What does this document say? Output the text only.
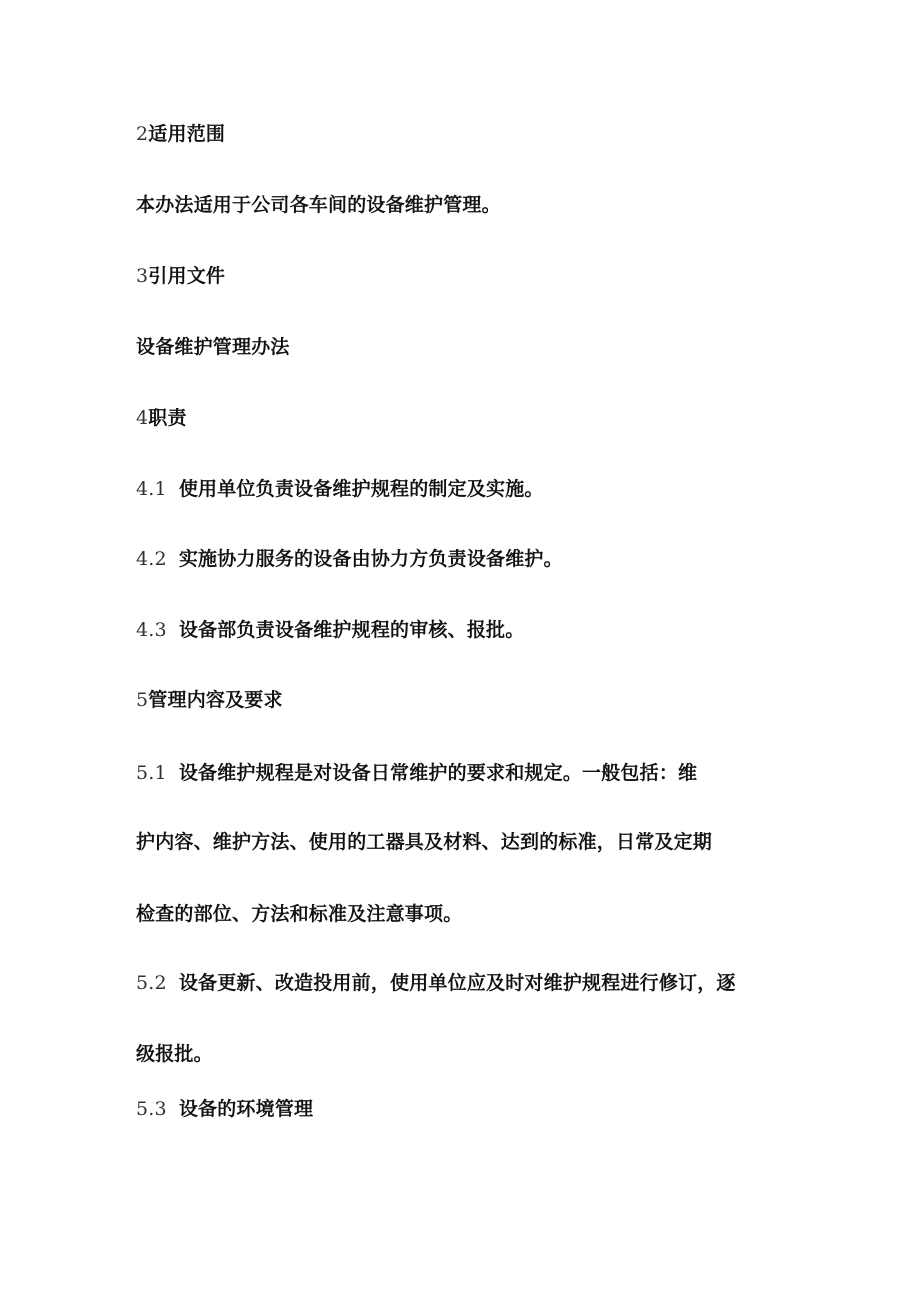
2适用范围
本办法适用于公司各车间的设备维护管理。
3引用文件
设备维护管理办法
4职责
4.1 使用单位负责设备维护规程的制定及实施。
4.2 实施协力服务的设备由协力方负责设备维护。
4.3 设备部负责设备维护规程的审核、报批。
5管理内容及要求
5.1 设备维护规程是对设备日常维护的要求和规定。一般包括：维
护内容、维护方法、使用的工器具及材料、达到的标准，日常及定期
检查的部位、方法和标准及注意事项。
5.2 设备更新、改造投用前，使用单位应及时对维护规程进行修订，逐
级报批。
5.3 设备的环境管理
